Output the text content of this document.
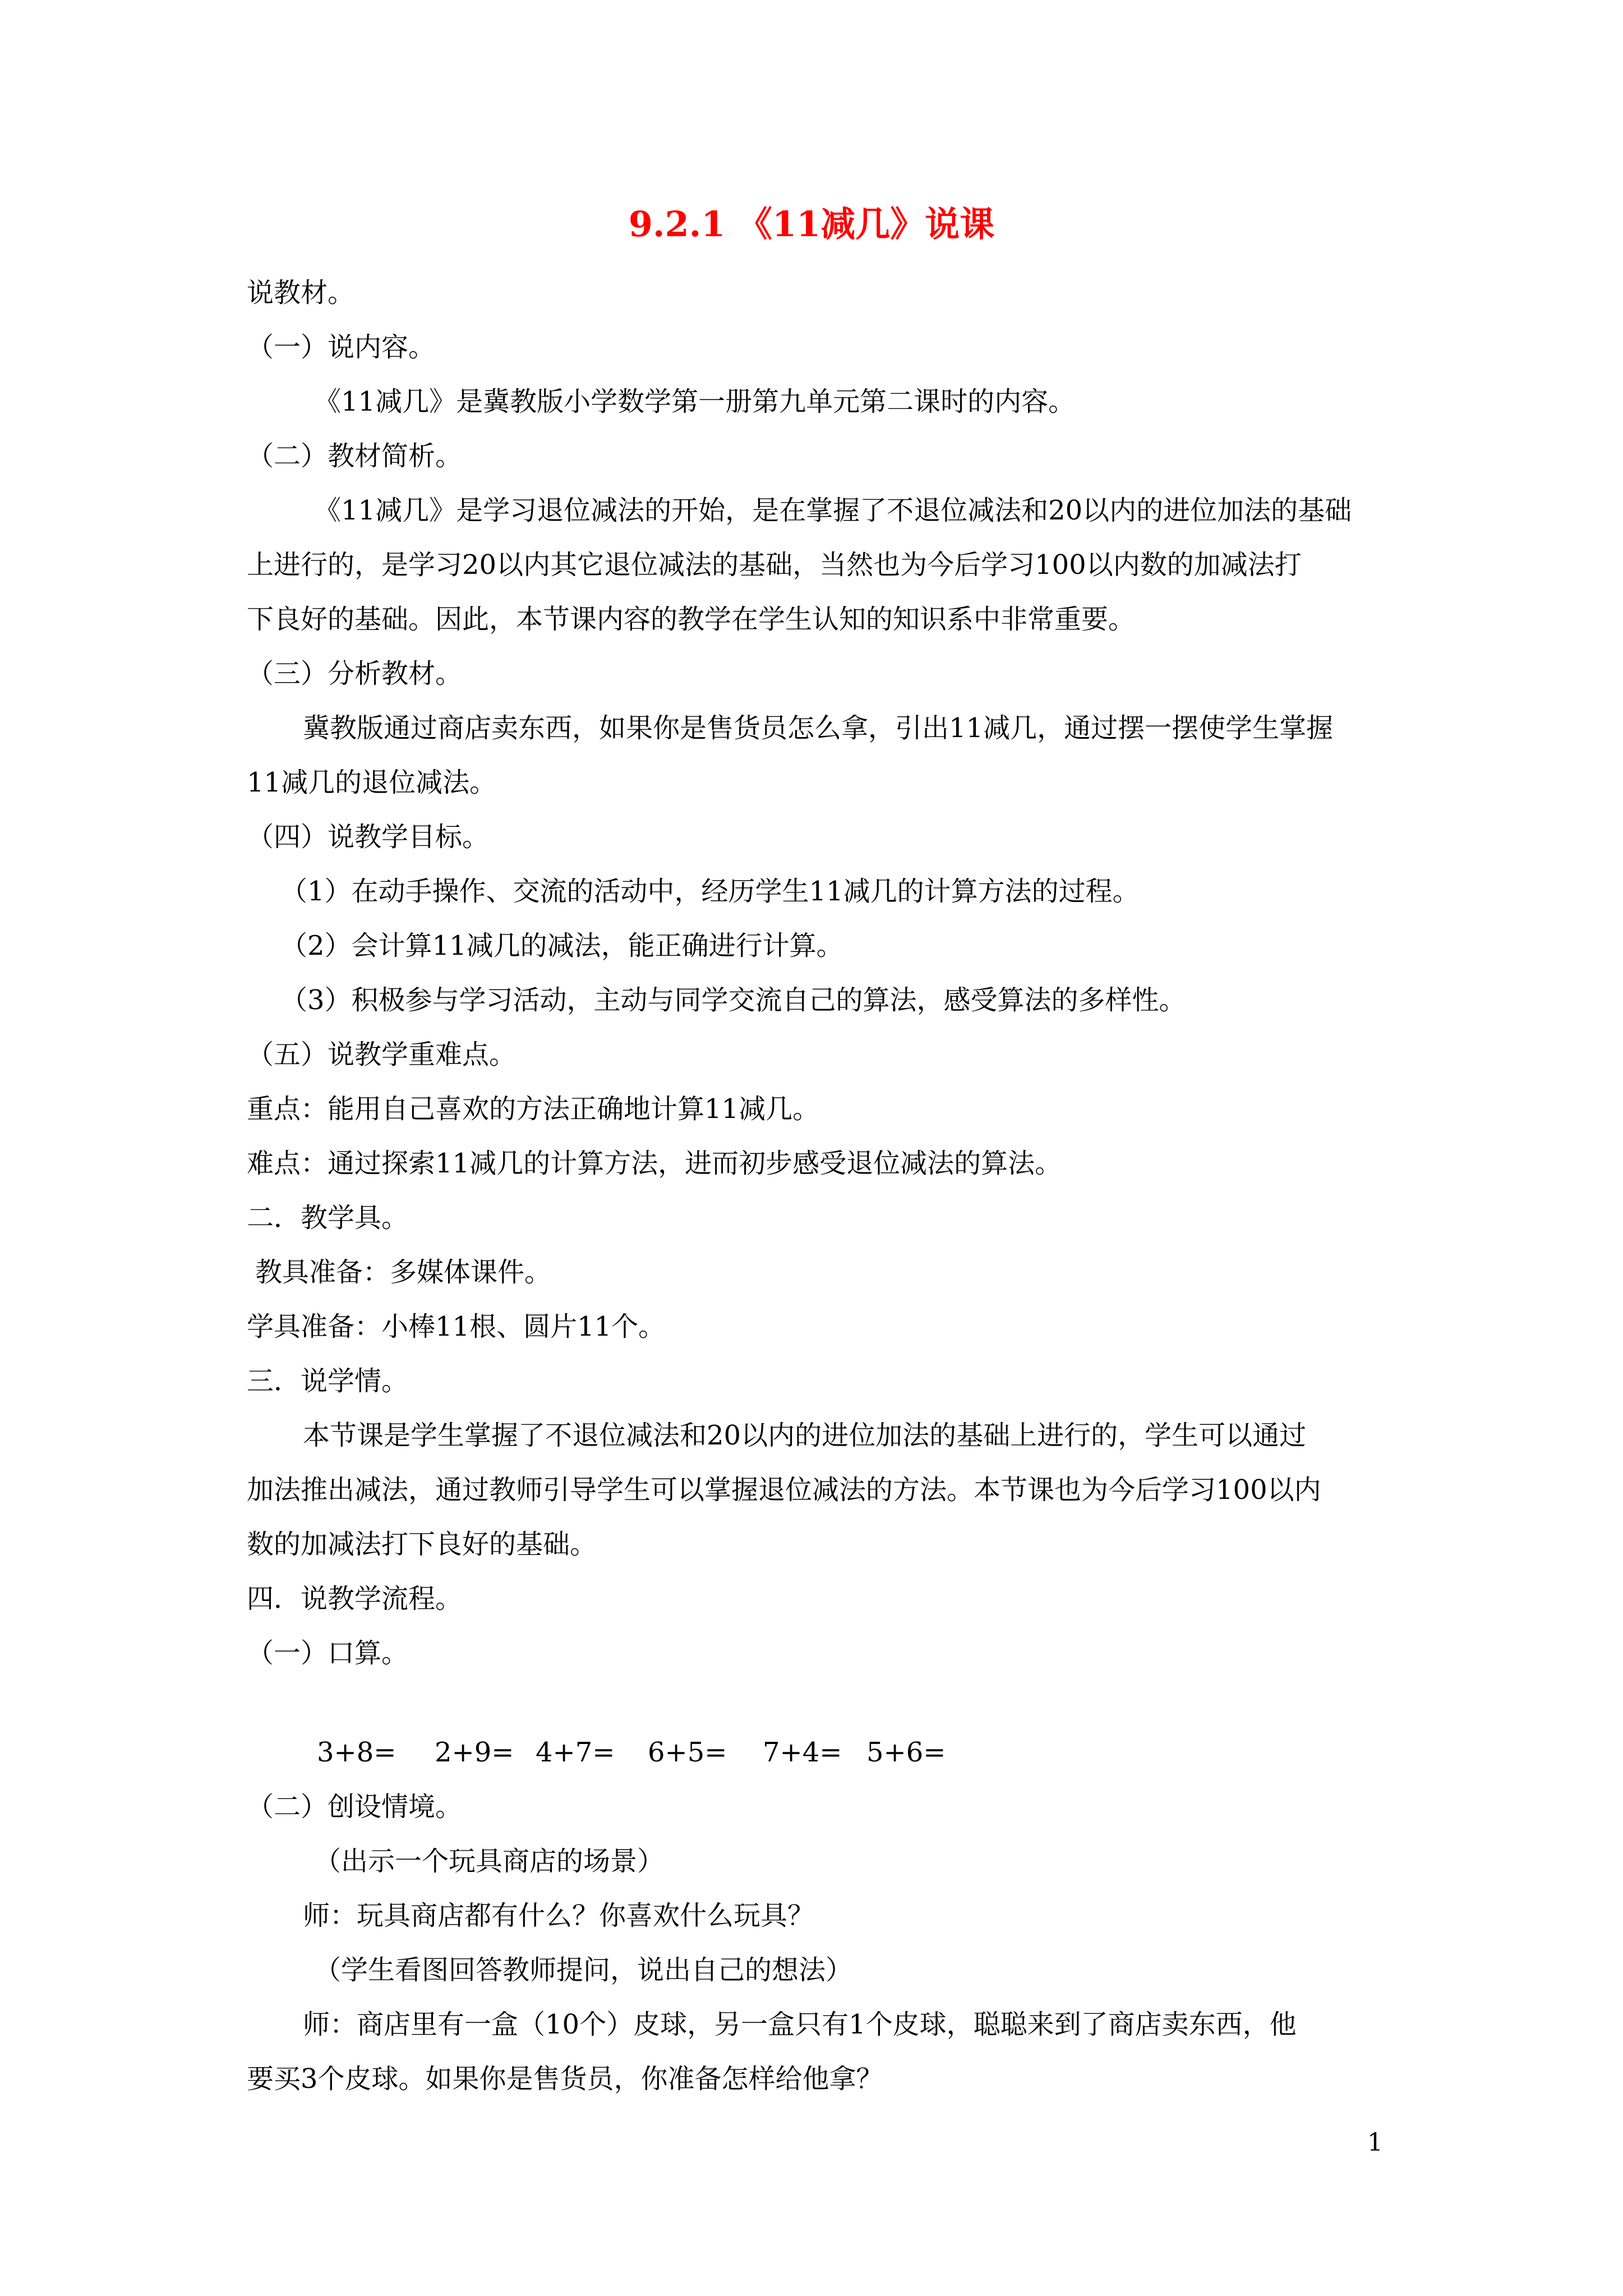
9.2.1 《11减几》说课
说教材。
（一）说内容。
《11减几》是冀教版小学数学第一册第九单元第二课时的内容。
（二）教材简析。
《11减几》是学习退位减法的开始，是在掌握了不退位减法和20以内的进位加法的基础
上进行的，是学习20以内其它退位减法的基础，当然也为今后学习100以内数的加减法打
下良好的基础。因此，本节课内容的教学在学生认知的知识系中非常重要。
（三）分析教材。
冀教版通过商店卖东西，如果你是售货员怎么拿，引出11减几，通过摆一摆使学生掌握
11减几的退位减法。
（四）说教学目标。
（1）在动手操作、交流的活动中，经历学生11减几的计算方法的过程。
（2）会计算11减几的减法，能正确进行计算。
（3）积极参与学习活动，主动与同学交流自己的算法，感受算法的多样性。
（五）说教学重难点。
重点：能用自己喜欢的方法正确地计算11减几。
难点：通过探索11减几的计算方法，进而初步感受退位减法的算法。
二．教学具。
教具准备：多媒体课件。
学具准备：小棒11根、圆片11个。
三．说学情。
本节课是学生掌握了不退位减法和20以内的进位加法的基础上进行的，学生可以通过
加法推出减法，通过教师引导学生可以掌握退位减法的方法。本节课也为今后学习100以内
数的加减法打下良好的基础。
四．说教学流程。
（一）口算。
3+8= 2+9= 4+7= 6+5= 7+4= 5+6=
（二）创设情境。
（出示一个玩具商店的场景）
师：玩具商店都有什么？你喜欢什么玩具？
（学生看图回答教师提问，说出自己的想法）
师：商店里有一盒（10个）皮球，另一盒只有1个皮球，聪聪来到了商店卖东西，他
要买3个皮球。如果你是售货员，你准备怎样给他拿？
1
